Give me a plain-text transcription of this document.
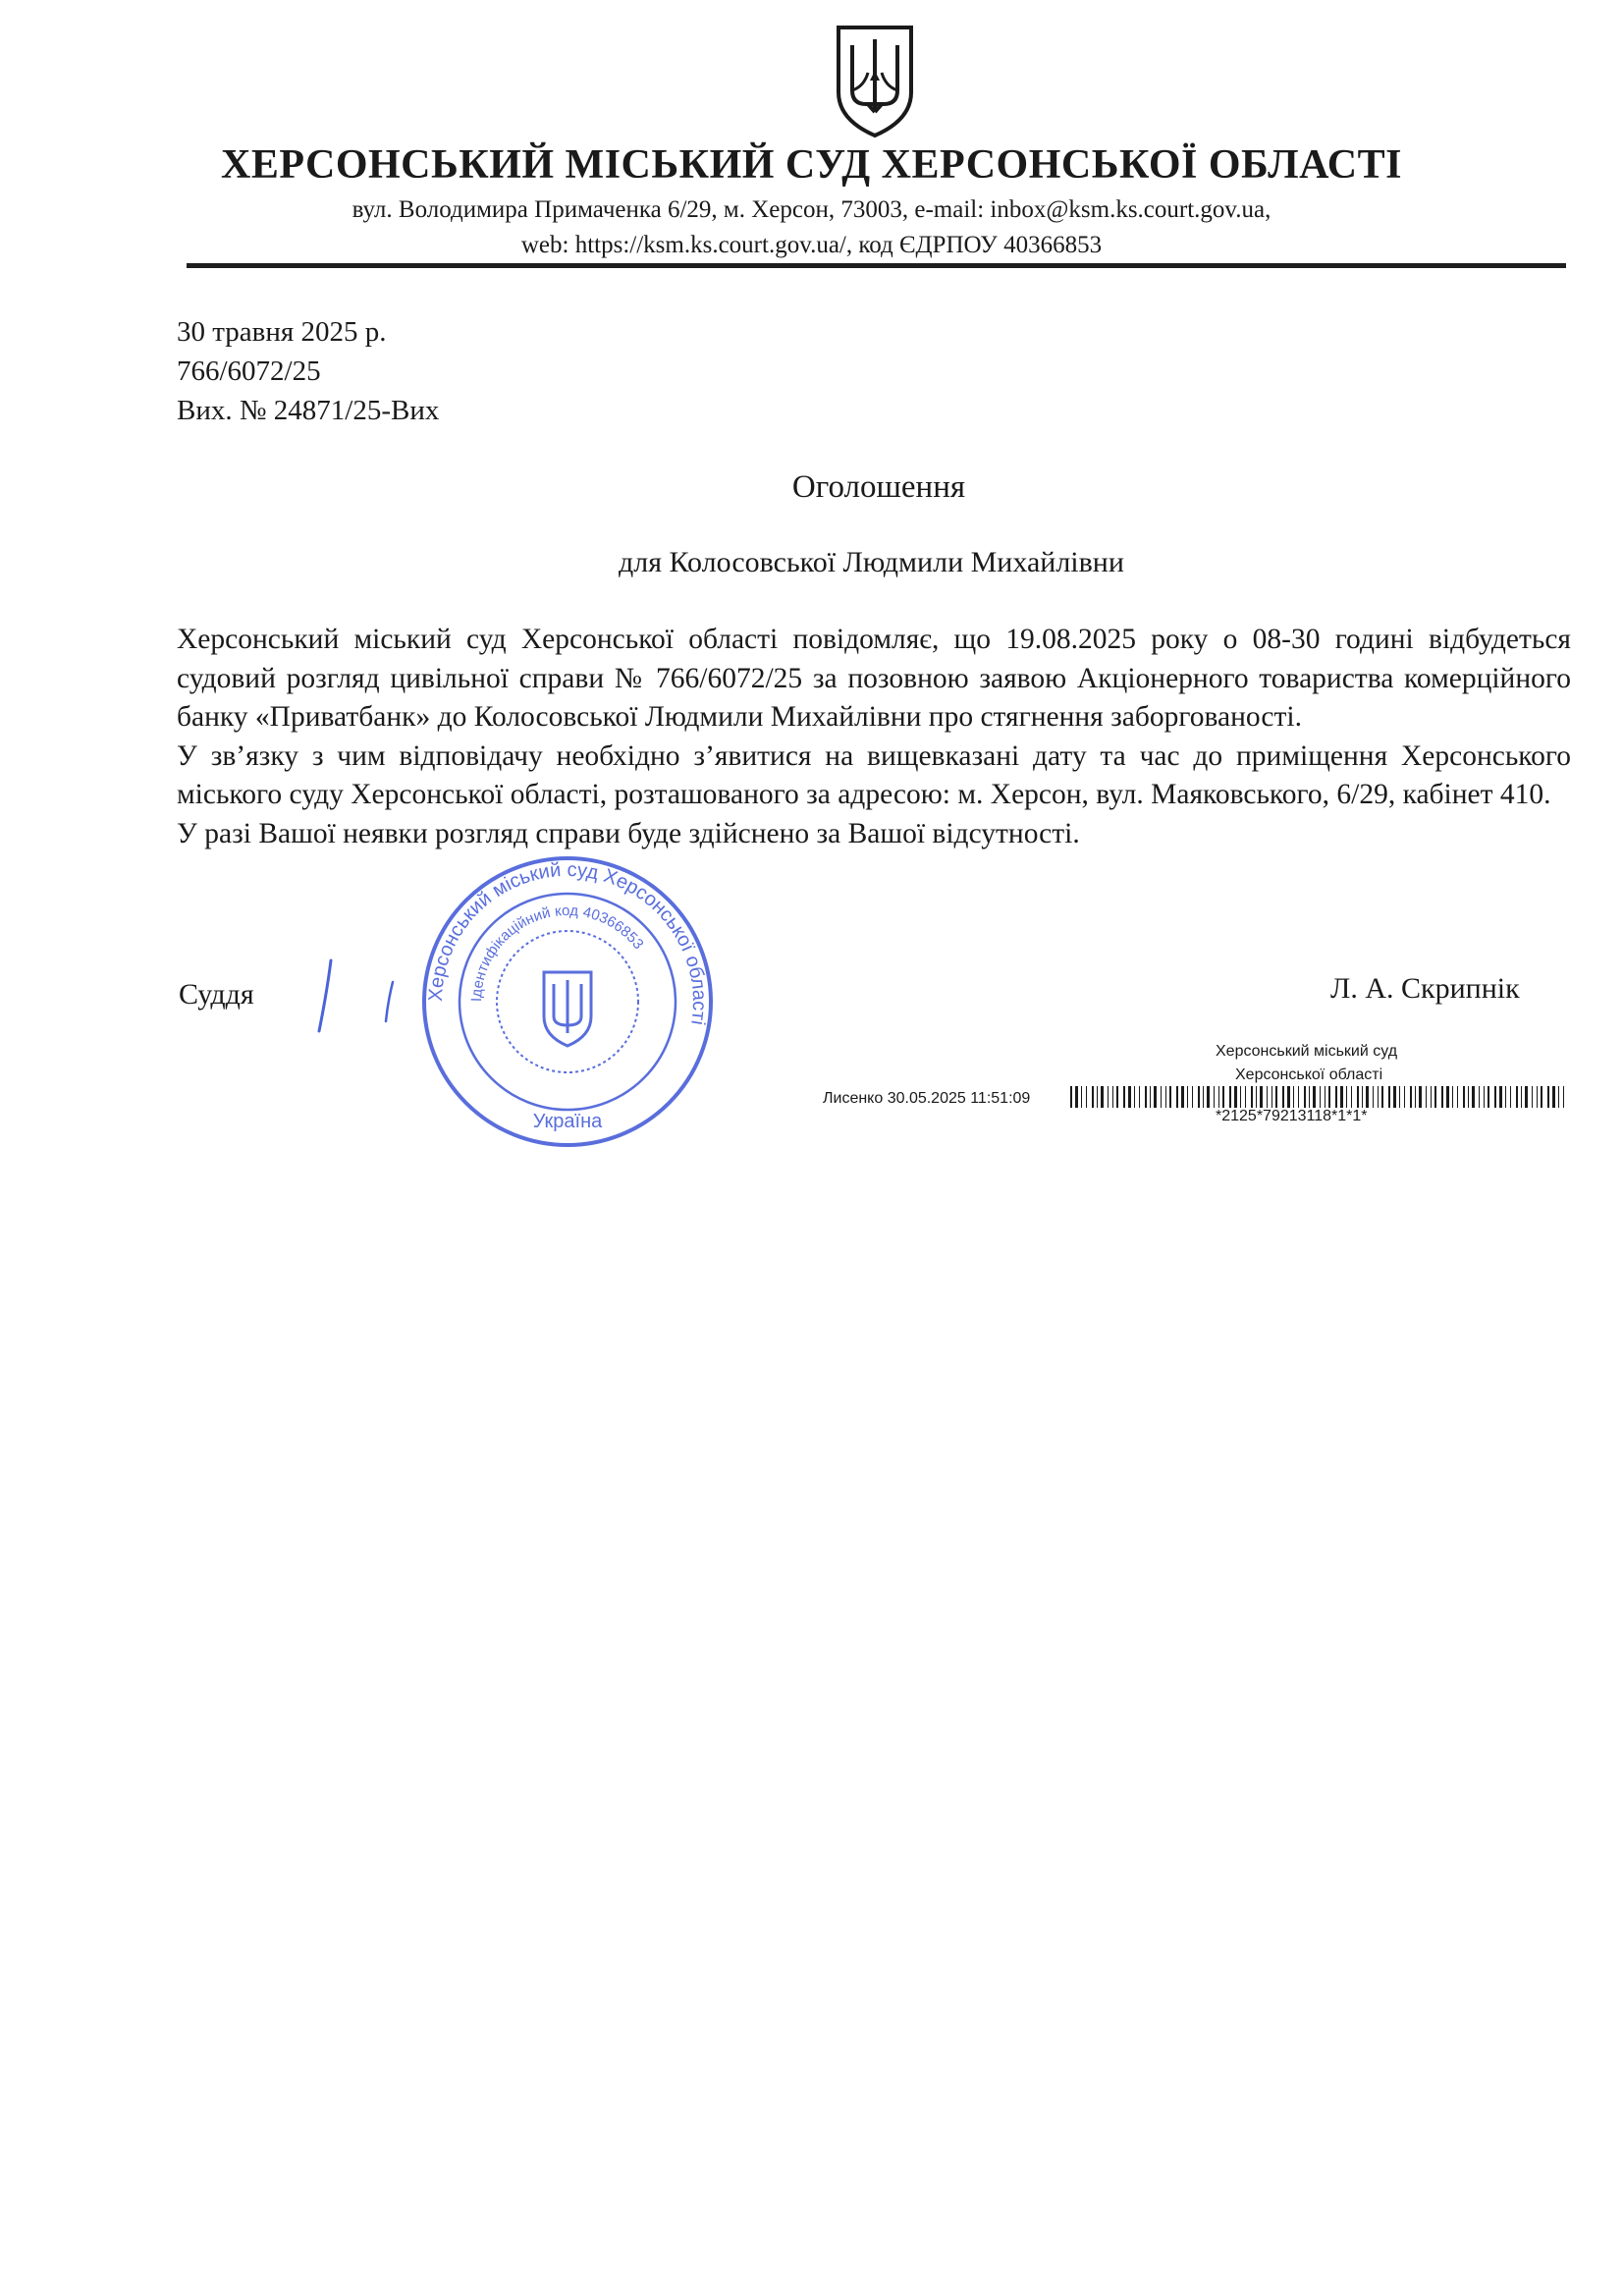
ХЕРСОНСЬКИЙ МІСЬКИЙ СУД ХЕРСОНСЬКОЇ ОБЛАСТІ
вул. Володимира Примаченка 6/29, м. Херсон, 73003, e-mail: inbox@ksm.ks.court.gov.ua,
web: https://ksm.ks.court.gov.ua/, код ЄДРПОУ 40366853
30 травня 2025 р.
766/6072/25
Вих. № 24871/25-Вих
Оголошення
для Колосовської Людмили Михайлівни

Херсонський міський суд Херсонської області повідомляє, що 19.08.2025 року о 08-30 годині відбудеться судовий розгляд цивільної справи № 766/6072/25 за позовною заявою Акціонерного товариства комерційного банку «Приватбанк» до Колосовської Людмили Михайлівни про стягнення заборгованості.

У зв’язку з чим відповідачу необхідно з’явитися на вищевказані дату та час до приміщення Херсонського міського суду Херсонської області, розташованого за адресою: м. Херсон, вул. Маяковського, 6/29, кабінет 410.

У разі Вашої неявки розгляд справи буде здійснено за Вашої відсутності.

Суддя	Л. А. Скрипнік
Херсонський міський суд Херсонської області
Ідентифікаційний код 40366853
Україна
Херсонський міський суд
Херсонської області
Лисенко 30.05.2025 11:51:09
*2125*79213118*1*1*
